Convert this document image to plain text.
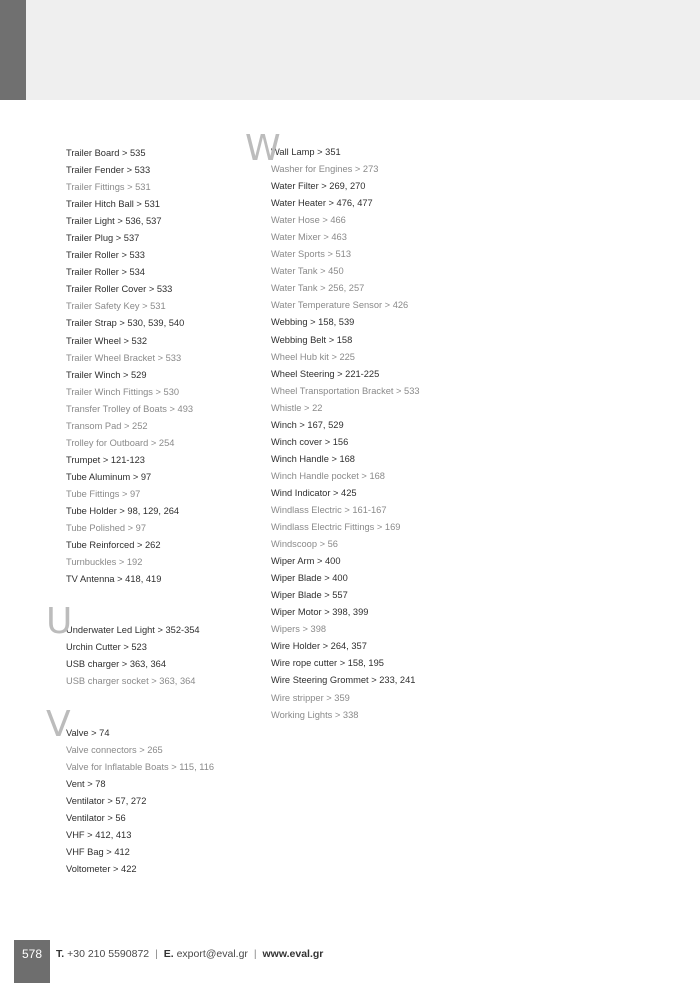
Trailer Board > 535
Trailer Fender > 533
Trailer Fittings > 531
Trailer Hitch Ball > 531
Trailer Light > 536, 537
Trailer Plug > 537
Trailer Roller > 533
Trailer Roller > 534
Trailer Roller Cover > 533
Trailer Safety Key > 531
Trailer Strap > 530, 539, 540
Trailer Wheel > 532
Trailer Wheel Bracket > 533
Trailer Winch > 529
Trailer Winch Fittings > 530
Transfer Trolley of Boats > 493
Transom Pad > 252
Trolley for Outboard > 254
Trumpet > 121-123
Tube Aluminum > 97
Tube Fittings > 97
Tube Holder > 98, 129, 264
Tube Polished > 97
Tube Reinforced > 262
Turnbuckles > 192
TV Antenna > 418, 419
U
Underwater Led Light > 352-354
Urchin Cutter > 523
USB charger > 363, 364
USB charger socket > 363, 364
V
Valve > 74
Valve connectors > 265
Valve for Inflatable Boats > 115, 116
Vent > 78
Ventilator > 57, 272
Ventilator > 56
VHF > 412, 413
VHF Bag > 412
Voltometer > 422
W
Wall Lamp > 351
Washer for Engines > 273
Water Filter > 269, 270
Water Heater > 476, 477
Water Hose > 466
Water Mixer > 463
Water Sports > 513
Water Tank > 450
Water Tank > 256, 257
Water Temperature Sensor > 426
Webbing > 158, 539
Webbing Belt > 158
Wheel Hub kit > 225
Wheel Steering > 221-225
Wheel Transportation Bracket > 533
Whistle > 22
Winch > 167, 529
Winch cover > 156
Winch Handle > 168
Winch Handle pocket > 168
Wind Indicator > 425
Windlass Electric > 161-167
Windlass Electric Fittings > 169
Windscoop > 56
Wiper Arm > 400
Wiper Blade > 400
Wiper Blade > 557
Wiper Motor > 398, 399
Wipers > 398
Wire Holder > 264, 357
Wire rope cutter > 158, 195
Wire Steering Grommet > 233, 241
Wire stripper > 359
Working Lights > 338
578	T. +30 210 5590872 | E. export@eval.gr | www.eval.gr
